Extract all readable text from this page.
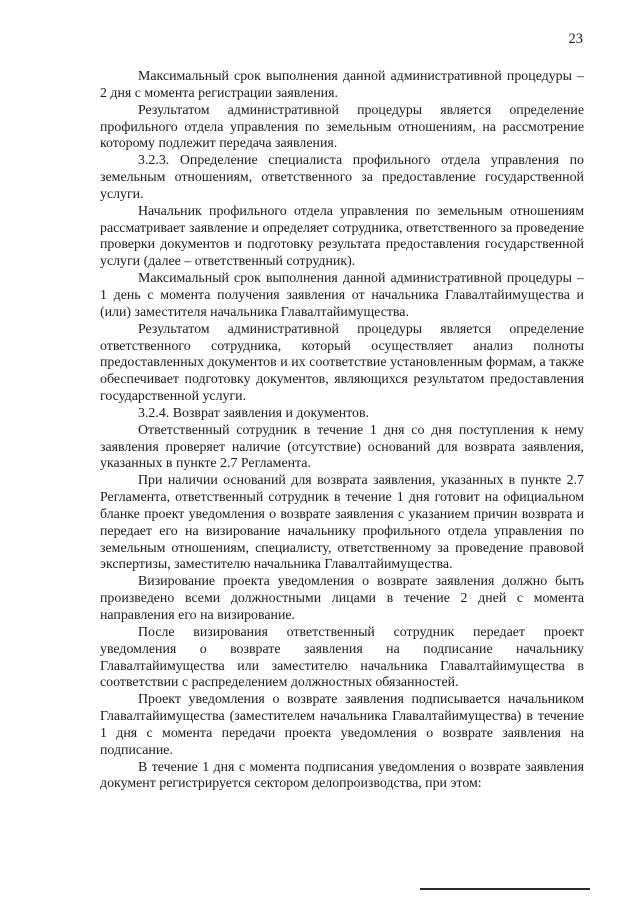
23

Максимальный срок выполнения данной административной процедуры – 2 дня с момента регистрации заявления.

Результатом административной процедуры является определение профильного отдела управления по земельным отношениям, на рассмотрение которому подлежит передача заявления.

3.2.3. Определение специалиста профильного отдела управления по земельным отношениям, ответственного за предоставление государственной услуги.

Начальник профильного отдела управления по земельным отношениям рассматривает заявление и определяет сотрудника, ответственного за проведение проверки документов и подготовку результата предоставления государственной услуги (далее – ответственный сотрудник).

Максимальный срок выполнения данной административной процедуры – 1 день с момента получения заявления от начальника Главалтайимущества и (или) заместителя начальника Главалтайимущества.

Результатом административной процедуры является определение ответственного сотрудника, который осуществляет анализ полноты предоставленных документов и их соответствие установленным формам, а также обеспечивает подготовку документов, являющихся результатом предоставления государственной услуги.

3.2.4. Возврат заявления и документов.

Ответственный сотрудник в течение 1 дня со дня поступления к нему заявления проверяет наличие (отсутствие) оснований для возврата заявления, указанных в пункте 2.7 Регламента.

При наличии оснований для возврата заявления, указанных в пункте 2.7 Регламента, ответственный сотрудник в течение 1 дня готовит на официальном бланке проект уведомления о возврате заявления с указанием причин возврата и передает его на визирование начальнику профильного отдела управления по земельным отношениям, специалисту, ответственному за проведение правовой экспертизы, заместителю начальника Главалтайимущества.

Визирование проекта уведомления о возврате заявления должно быть произведено всеми должностными лицами в течение 2 дней с момента направления его на визирование.

После визирования ответственный сотрудник передает проект уведомления о возврате заявления на подписание начальнику Главалтайимущества или заместителю начальника Главалтайимущества в соответствии с распределением должностных обязанностей.

Проект уведомления о возврате заявления подписывается начальником Главалтайимущества (заместителем начальника Главалтайимущества) в течение 1 дня с момента передачи проекта уведомления о возврате заявления на подписание.

В течение 1 дня с момента подписания уведомления о возврате заявления документ регистрируется сектором делопроизводства, при этом:
